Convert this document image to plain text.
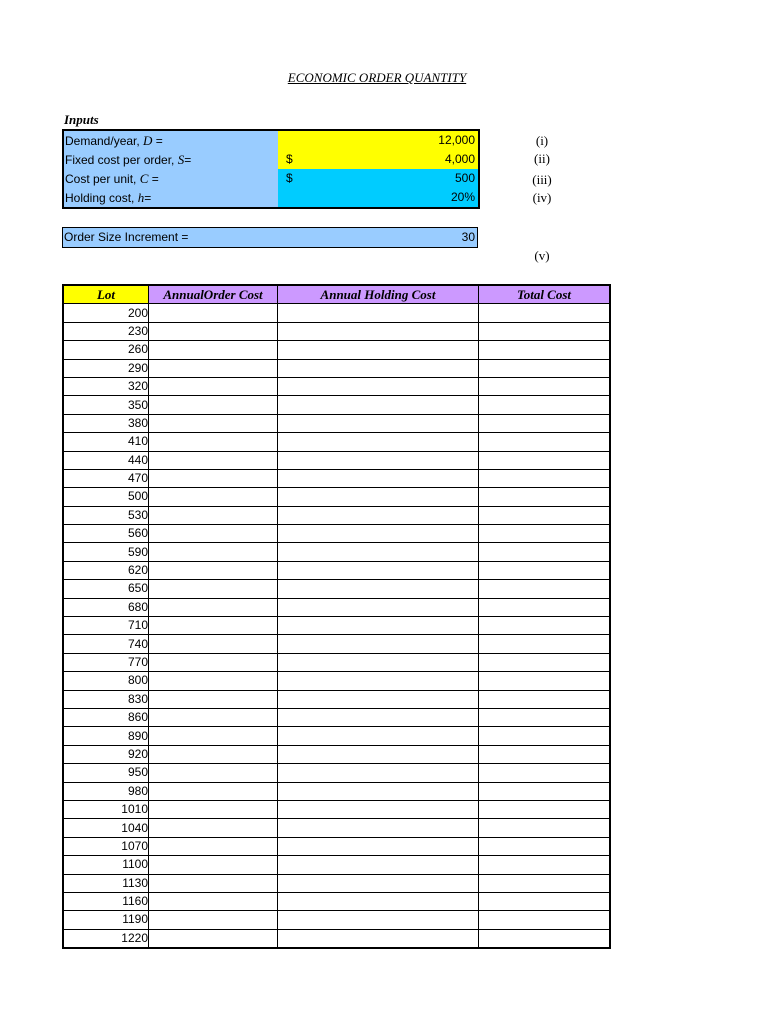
ECONOMIC ORDER QUANTITY
Inputs
Demand/year, D =	12,000
Fixed cost per order, S=	$	4,000
Cost per unit, C =	$	500
Holding cost, h=	20%
(i)
(ii)
(iii)
(iv)
Order Size Increment =	30
(v)
Lot	AnnualOrder Cost	Annual Holding Cost	Total Cost
200			
230			
260			
290			
320			
350			
380			
410			
440			
470			
500			
530			
560			
590			
620			
650			
680			
710			
740			
770			
800			
830			
860			
890			
920			
950			
980			
1010			
1040			
1070			
1100			
1130			
1160			
1190			
1220			
